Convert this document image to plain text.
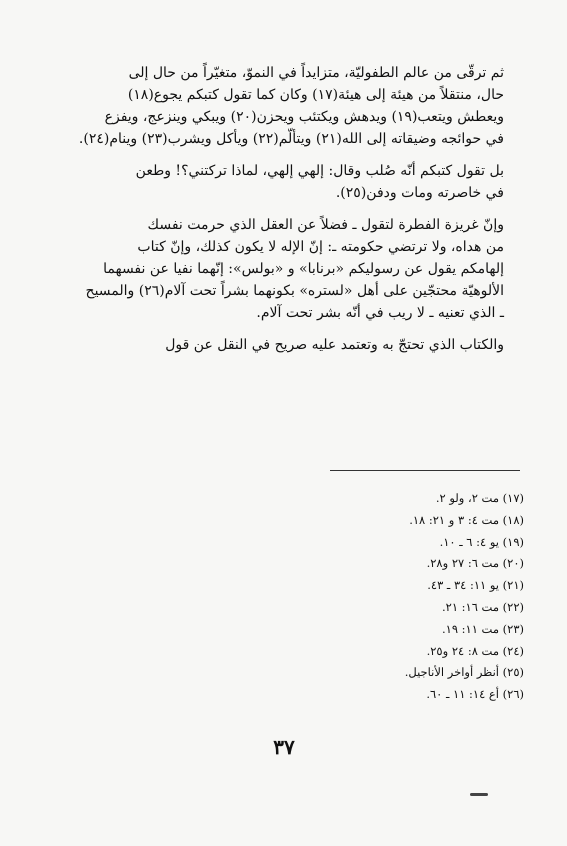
ثم ترقّى من عالم الطفوليّة، متزايداً في النموّ، متغيّراً من حال إلى
حال، منتقلاً من هيئة إلى هيئة(١٧) وكان كما تقول كتبكم يجوع(١٨)
ويعطش ويتعب(١٩) ويدهش ويكتئب ويحزن(٢٠) ويبكي وينزعج، ويفزع
في حوائجه وضيقاته إلى الله(٢١) ويتألّم(٢٢) ويأكل ويشرب(٢٣) وينام(٢٤).

بل تقول كتبكم أنّه صُلب وقال: إلهي إلهي، لماذا تركتني؟! وطعن
في خاصرته ومات ودفن(٢٥).

وإنّ غريزة الفطرة لتقول ـ فضلاً عن العقل الذي حرمت نفسك
من هداه، ولا ترتضي حكومته ـ: إنّ الإله لا يكون كذلك، وإنّ كتاب
إلهامكم يقول عن رسوليكم «برنابا» و «بولس»: إنّهما نفيا عن نفسهما
الألوهيّة محتجّين على أهل «لستره» بكونهما بشراً تحت آلام(٢٦) والمسيح
ـ الذي تعنيه ـ لا ريب في أنّه بشر تحت آلام.

والكتاب الذي تحتجّ به وتعتمد عليه صريح في النقل عن قول

(١٧) مت ٢، ولو ٢.
(١٨) مت ٤: ٣ و ٢١: ١٨.
(١٩) يو ٤: ٦ ـ ١٠.
(٢٠) مت ٦: ٢٧ و٢٨.
(٢١) يو ١١: ٣٤ ـ ٤٣.
(٢٢) مت ١٦: ٢١.
(٢٣) مت ١١: ١٩.
(٢٤) مت ٨: ٢٤ و٢٥.
(٢٥) أنظر أواخر الأناجيل.
(٢٦) أع ١٤: ١١ ـ ٦٠.
٣٧
